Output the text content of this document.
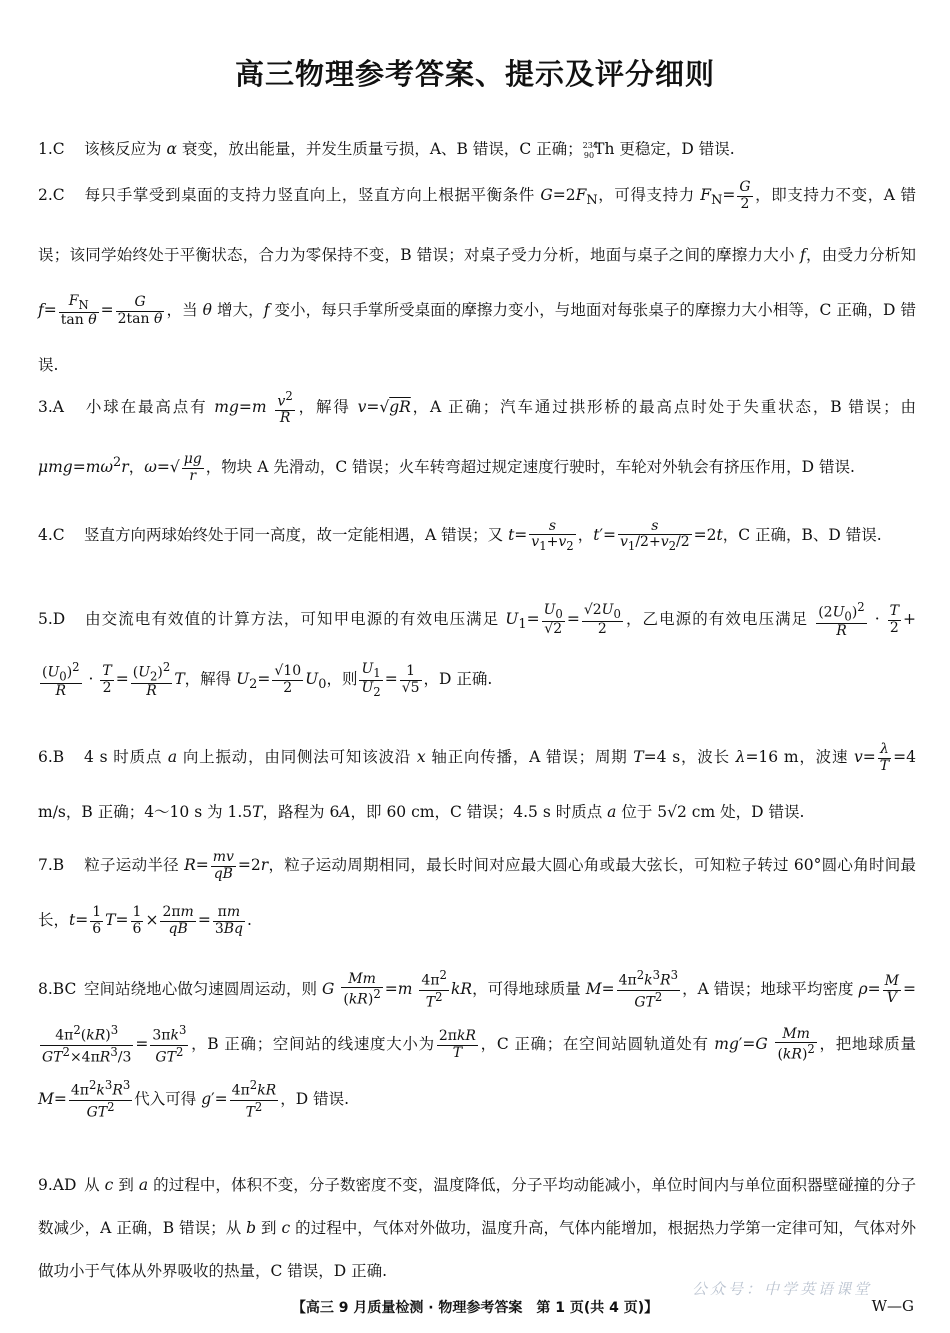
高三物理参考答案、提示及评分细则
1.C 该核反应为 α 衰变，放出能量，并发生质量亏损，A、B 错误，C 正确；$^{234}_{90}$Th 更稳定，D 错误.
2.C 每只手掌受到桌面的支持力竖直向上，竖直方向上根据平衡条件 $G=2F_N$，可得支持力 $F_N= \frac{G}{2}$ ，即支持力不变，A 错误；该同学始终处于平衡状态，合力为零保持不变，B 错误；对桌子受力分析，地面与桌子之间的摩擦力大小 f，由受力分析知 $f= \frac{F_N}{\text{tan θ}} = \frac{G}{\text{2tan θ}}$ ，当 θ 增大，f 变小，每只手掌所受桌面的摩擦力变小，与地面对每张桌子的摩擦力大小相等，C 正确，D 错误.
3.A 小球在最高点有 $mg=m \frac{v^2}{R}$ ，解得 v=√gR，A 正确；汽车通过拱形桥的最高点时处于失重状态，B 错误；由 $\mu mg=m\omega^2r$，$\omega=√ \frac{\mu g}{r}$ ，物块 A 先滑动，C 错误；火车转弯超过规定速度行驶时，车轮对外轨会有挤压作用，D 错误.
4.C 竖直方向两球始终处于同一高度，故一定能相遇，A 错误；又 $t= \frac{s}{v_1+v_2}$ ，$t'= \frac{s}{v_1/2+v_2/2} =2t$，C 正确，B、D 错误.
5.D 由交流电有效值的计算方法，可知甲电源的有效电压满足 $U_1= \frac{U_0}{√2} = \frac{√2U_0}{2}$ ，乙电源的有效电压满足 $\frac{(2U_0)^2}{R} \cdot \frac{T}{2}$ +
$\frac{(U_0)^2}{R} \cdot \frac{T}{2} = \frac{(U_2)^2}{R}$ T，解得 $U_2= \frac{√10}{2} U_0$，则 $\frac{U_1}{U_2} = \frac{1}{√5}$ ，D 正确.
6.B 4 s 时质点 a 向上振动，由同侧法可知该波沿 x 轴正向传播，A 错误；周期 T=4 s，波长 λ=16 m，波速 $v= \frac{\lambda}{T} =4$ m/s，B 正确；4～10 s 为 1.5T，路程为 6A，即 60 cm，C 错误；4.5 s 时质点 a 位于 5√2 cm 处，D 错误.
7.B 粒子运动半径 $R= \frac{mv}{qB} =2r$，粒子运动周期相同，最长时间对应最大圆心角或最大弦长，可知粒子转过 60°圆心角时间最长，$t= \frac{1}{6} T= \frac{1}{6} \times \frac{2\pi m}{qB} = \frac{\pi m}{3Bq}$ .
8.BC 空间站绕地心做匀速圆周运动，则 G $\frac{Mm}{(kR)^2} =m \frac{4\pi^2}{T^2}$ kR，可得地球质量 $M= \frac{4\pi^2k^3R^3}{GT^2}$ ，A 错误；地球平均密度 $\rho= \frac{M}{V}$ =
$\frac{4\pi^2(kR)^3}{GT^2\times 4\pi R^3/3} = \frac{3\pi k^3}{GT^2}$ ，B 正确；空间站的线速度大小为 $\frac{\text{2πkR}}{T}$ ，C 正确；在空间站圆轨道处有 $mg'=G \frac{Mm}{(kR)^2}$ ，把地球质量 $M= \frac{4\pi^2k^3R^3}{GT^2}$ 代入可得 $g'= \frac{4\pi^2kR}{T^2}$ ，D 错误.
9.AD 从 c 到 a 的过程中，体积不变，分子数密度不变，温度降低，分子平均动能减小，单位时间内与单位面积器壁碰撞的分子数减少，A 正确，B 错误；从 b 到 c 的过程中，气体对外做功，温度升高，气体内能增加，根据热力学第一定律可知，气体对外做功小于气体从外界吸收的热量，C 错误，D 正确.
公众号：中学英语课堂
【高三 9 月质量检测 · 物理参考答案　第 1 页(共 4 页)】	W—G
